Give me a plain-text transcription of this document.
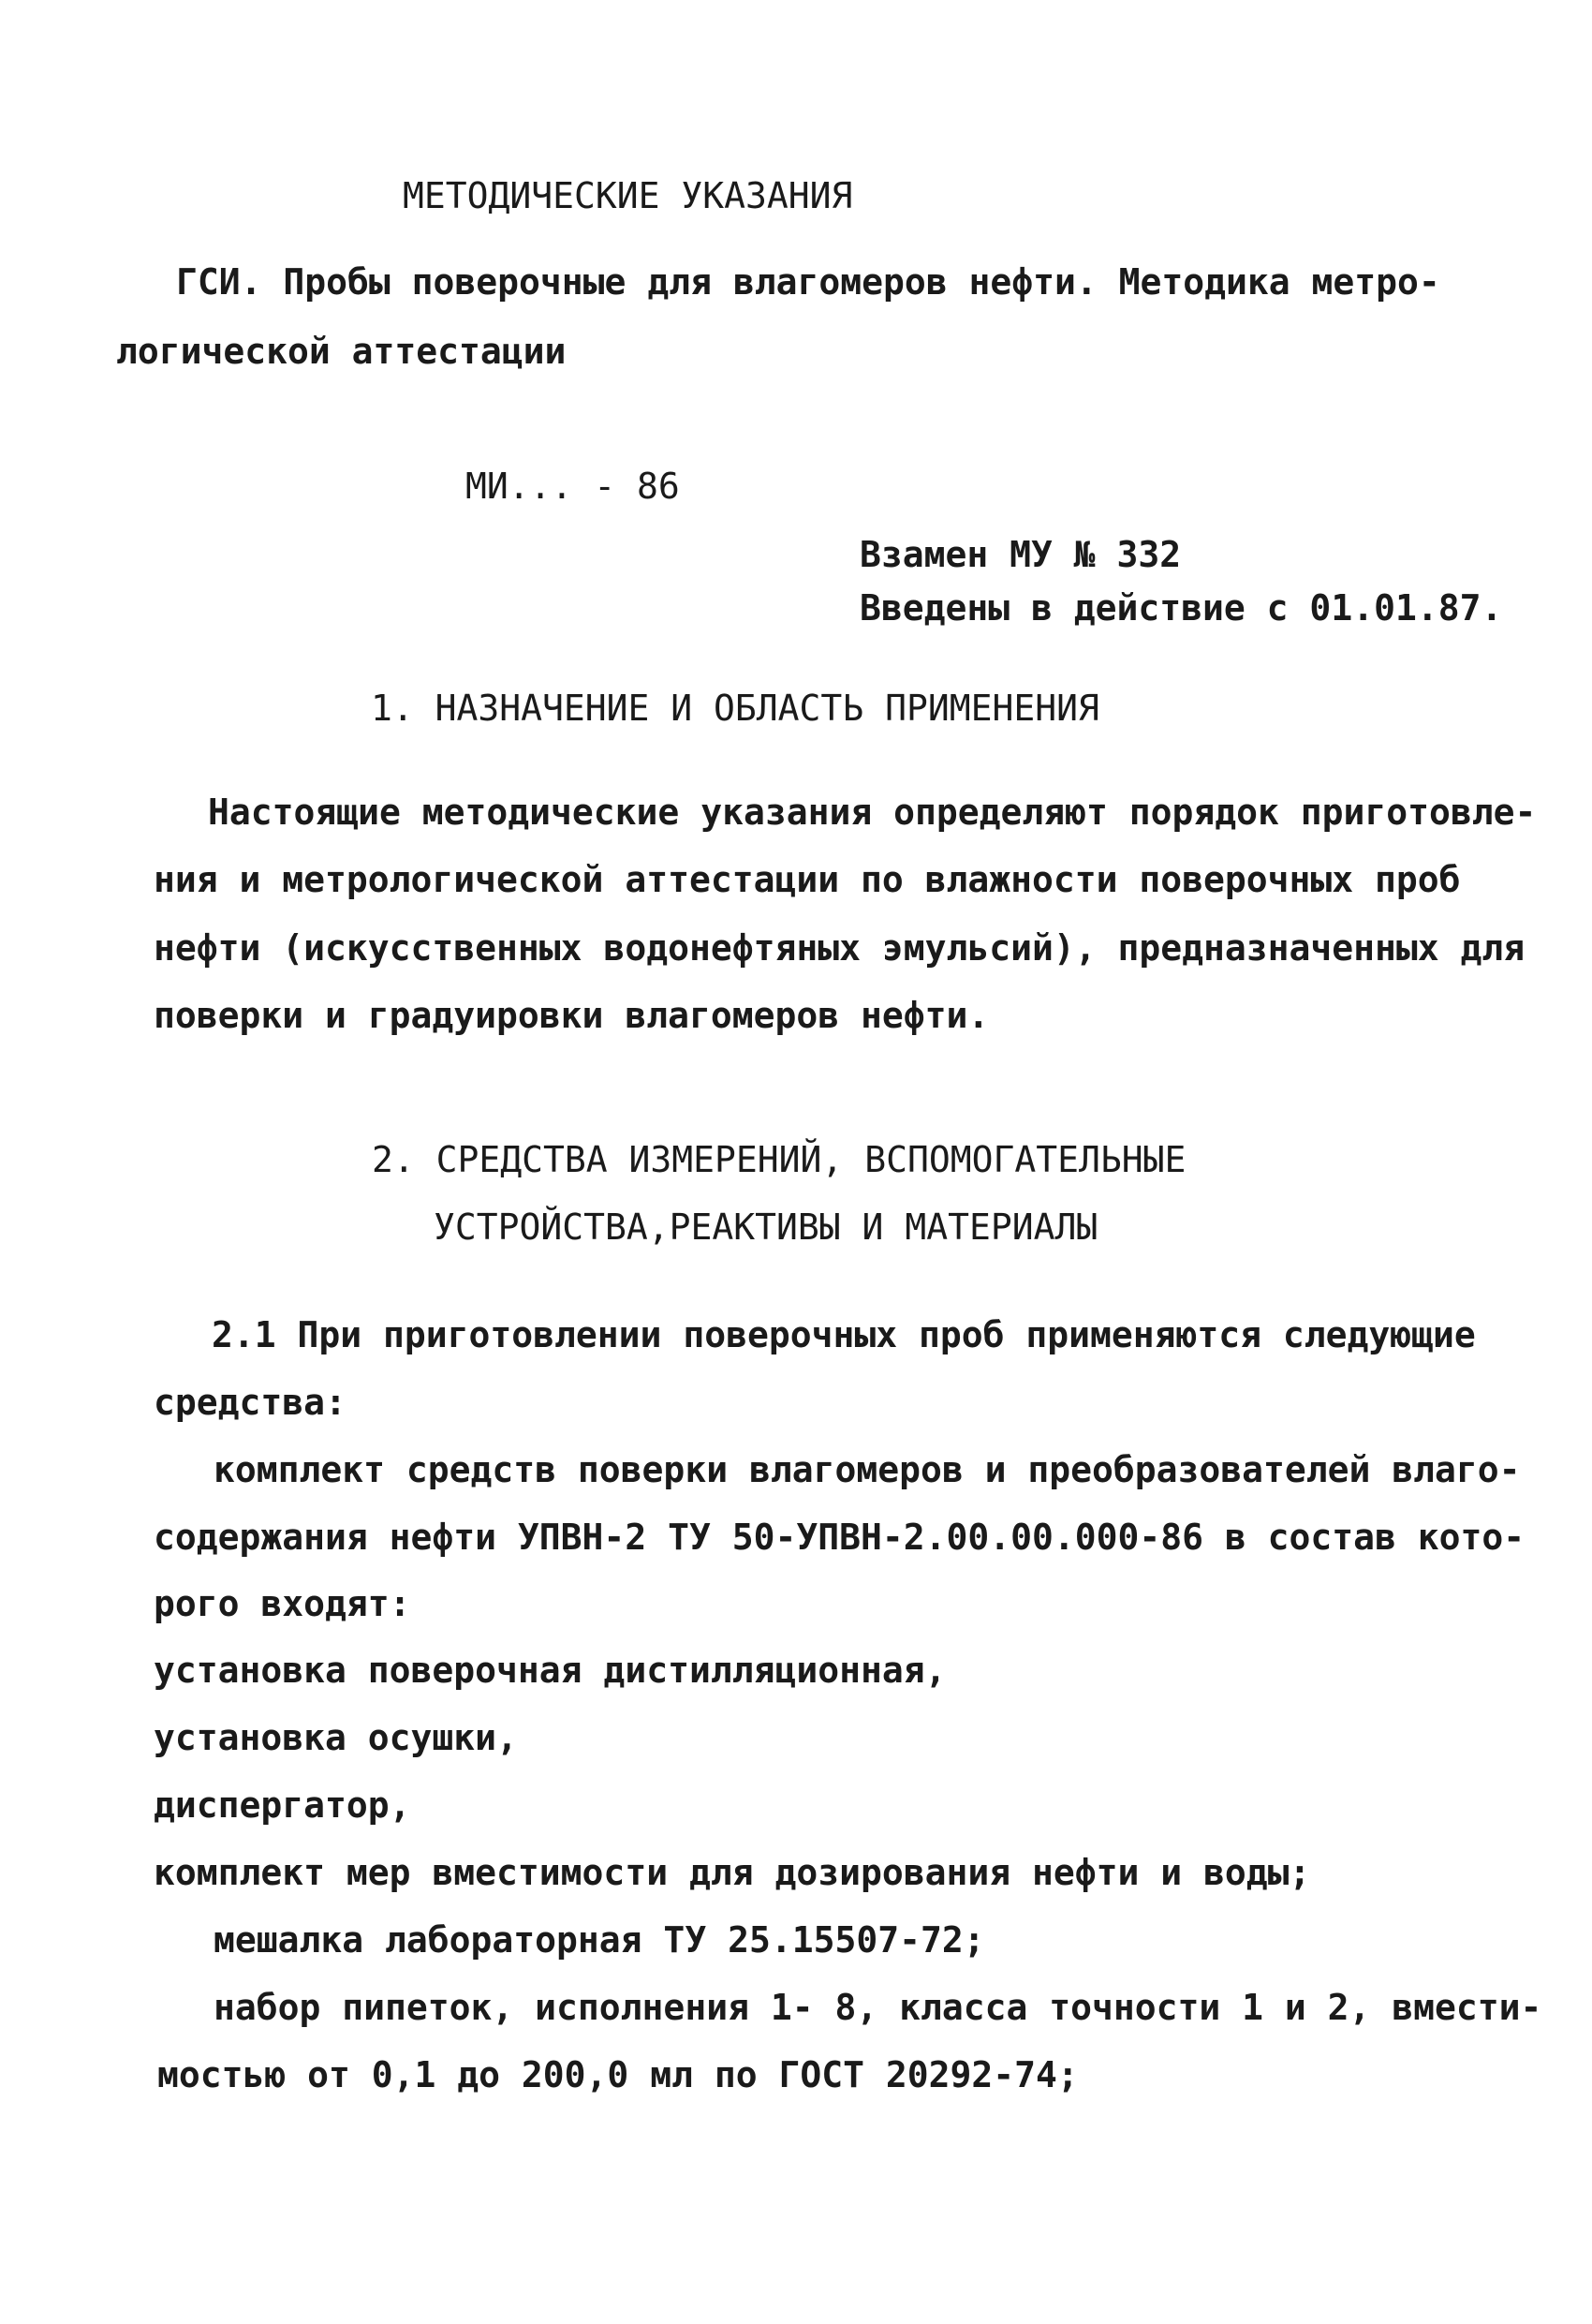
МЕТОДИЧЕСКИЕ УКАЗАНИЯ
ГСИ. Пробы поверочные для влагомеров нефти. Методика метро-
логической аттестации
МИ... - 86
Взамен МУ № 332
Введены в действие с 01.01.87.
1. НАЗНАЧЕНИЕ И ОБЛАСТЬ ПРИМЕНЕНИЯ
Настоящие методические указания определяют порядок приготовле-
ния и метрологической аттестации по влажности поверочных проб
нефти (искусственных водонефтяных эмульсий), предназначенных для
поверки и градуировки влагомеров нефти.
2. СРЕДСТВА ИЗМЕРЕНИЙ, ВСПОМОГАТЕЛЬНЫЕ
УСТРОЙСТВА,РЕАКТИВЫ И МАТЕРИАЛЫ
2.1 При приготовлении поверочных проб применяются следующие
средства:
комплект средств поверки влагомеров и преобразователей влаго-
содержания нефти УПВН-2 ТУ 50-УПВН-2.00.00.000-86 в состав кото-
рого входят:
установка поверочная дистилляционная,
установка осушки,
диспергатор,
комплект мер вместимости для дозирования нефти и воды;
мешалка лабораторная ТУ 25.15507-72;
набор пипеток, исполнения 1- 8, класса точности 1 и 2, вмести-
мостью от 0,1 до 200,0 мл по ГОСТ 20292-74;
